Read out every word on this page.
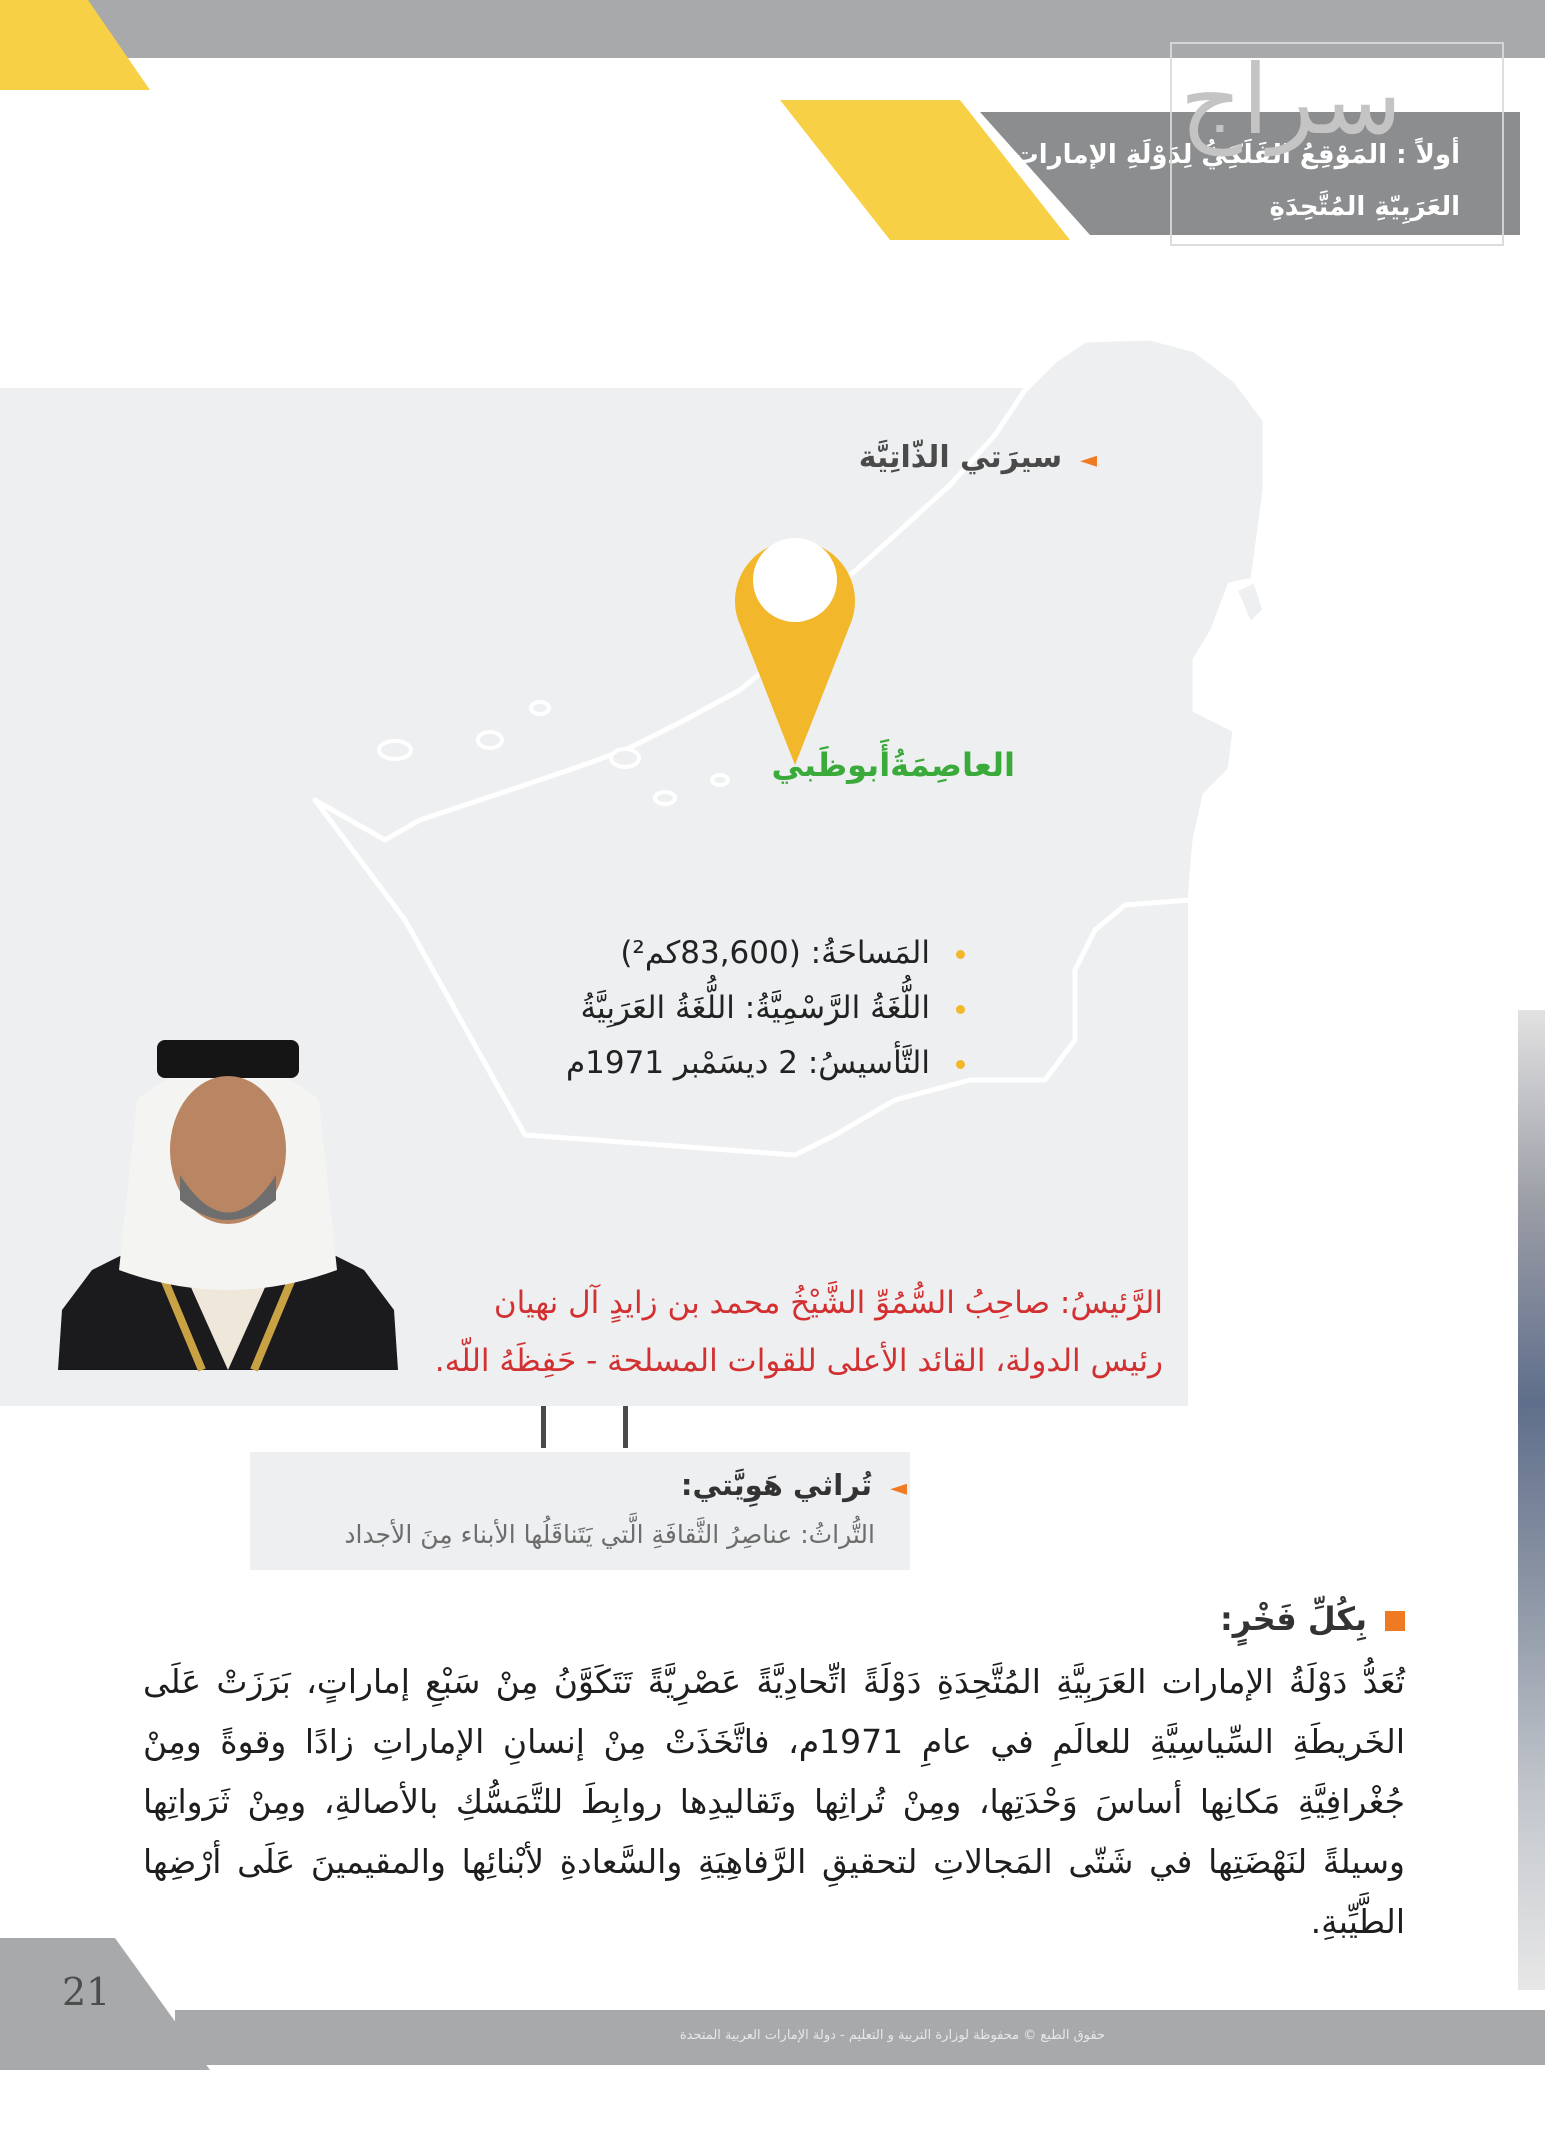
أولاً : المَوْقِعُ الفَلَكِيُّ لِدَوْلَةِ الإمارات
العَرَبِيّةِ المُتَّحِدَةِ
سراج
◄سيرَتي الذّاتِيَّة
العاصِمَةُأَبوظَبي
المَساحَةُ: (83,600كم²)
اللُّغَةُ الرَّسْمِيَّةُ: اللُّغَةُ العَرَبِيَّةُ
التَّأسيسُ: 2 ديسَمْبر 1971م
الرَّئيسُ: صاحِبُ السُّمُوِّ الشَّيْخُ محمد بن زايدٍ آل نهيان
رئيس الدولة، القائد الأعلى للقوات المسلحة - حَفِظَهُ اللّه.
◄تُراثي هَوِيَّتي:
التُّراثُ: عناصِرُ الثَّقافَةِ الَّتي يَتَناقَلُها الأبناء مِنَ الأجداد
بِكُلِّ فَخْرٍ:
تُعَدُّ دَوْلَةُ الإمارات العَرَبِيَّةِ المُتَّحِدَةِ دَوْلَةً اتِّحادِيَّةً عَصْرِيَّةً تَتَكَوَّنُ مِنْ سَبْعِ إماراتٍ، بَرَزَتْ عَلَى الخَريطَةِ السِّياسِيَّةِ للعالَمِ في عامِ 1971م، فاتَّخَذَتْ مِنْ إنسانِ الإماراتِ زادًا وقوةً ومِنْ جُغْرافِيَّةِ مَكانِها أساسَ وَحْدَتِها، ومِنْ تُراثِها وتَقاليدِها روابِطَ للتَّمَسُّكِ بالأصالةِ، ومِنْ ثَرَواتِها وسيلةً لنَهْضَتِها في شَتّى المَجالاتِ لتحقيقِ الرَّفاهِيَةِ والسَّعادةِ لأبْنائِها والمقيمينَ عَلَى أرْضِها الطَّيِّبةِ.
21
حقوق الطبع © محفوظة لوزارة التربية و التعليم - دولة الإمارات العربية المتحدة
